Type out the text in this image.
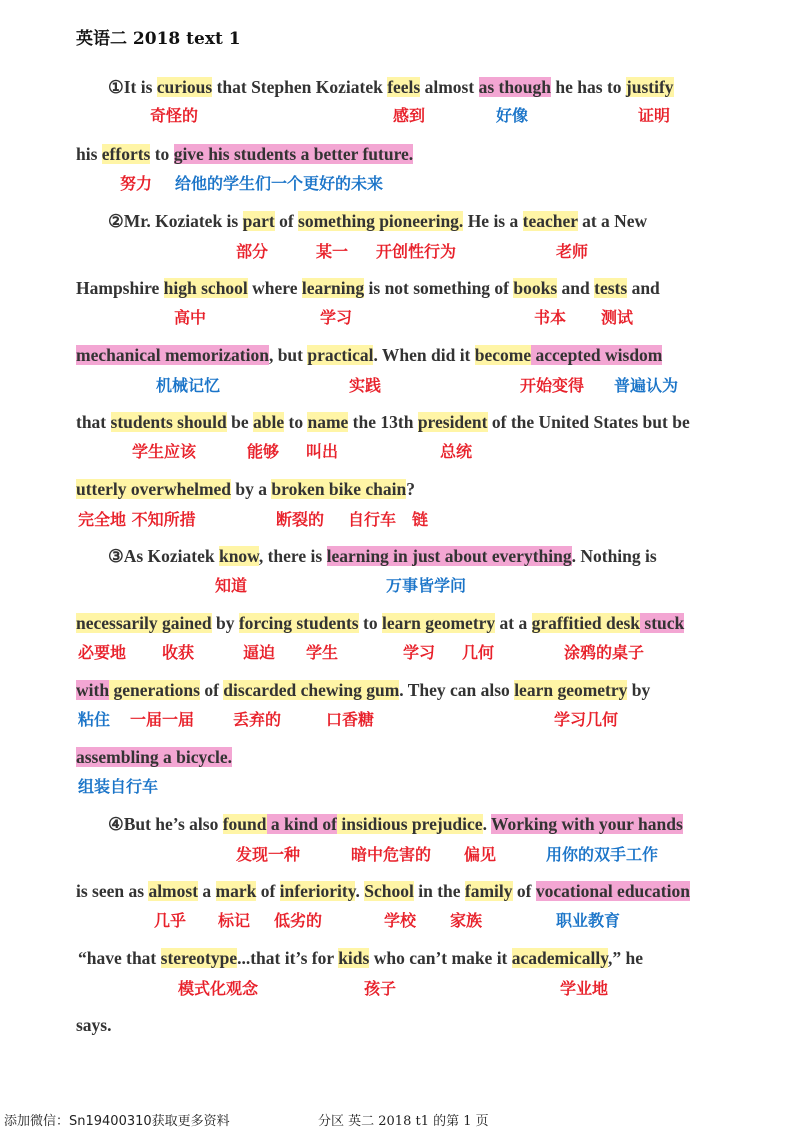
英语二 2018 text 1
①It is curious that Stephen Koziatek feels almost as though he has to justify
奇怪的	感到	好像	证明
his efforts to give his students a better future.
努力 给他的学生们一个更好的未来
②Mr. Koziatek is part of something pioneering. He is a teacher at a New
部分	某一 开创性行为	老师
Hampshire high school where learning is not something of books and tests and
高中	学习	书本 测试
mechanical memorization, but practical. When did it become accepted wisdom
机械记忆	实践	开始变得 普遍认为
that students should be able to name the 13th president of the United States but be
学生应该	能够 叫出	总统
utterly overwhelmed by a broken bike chain?
完全地 不知所措	断裂的 自行车 链
③As Koziatek know, there is learning in just about everything. Nothing is
知道	万事皆学问
necessarily gained by forcing students to learn geometry at a graffitied desk stuck
必要地 收获	逼迫 学生	学习 几何	涂鸦的桌子
with generations of discarded chewing gum. They can also learn geometry by
粘住 一届一届 丢弃的	口香糖	学习几何
assembling a bicycle.
组装自行车
④But he’s also found a kind of insidious prejudice. Working with your hands
发现一种	暗中危害的 偏见	用你的双手工作
is seen as almost a mark of inferiority. School in the family of vocational education
几乎 标记 低劣的	学校 家族	职业教育
“have that stereotype...that it’s for kids who can’t make it academically,” he
模式化观念	孩子	学业地
says.
添加微信：Sn19400310获取更多资料	分区 英二 2018 t1 的第 1 页
